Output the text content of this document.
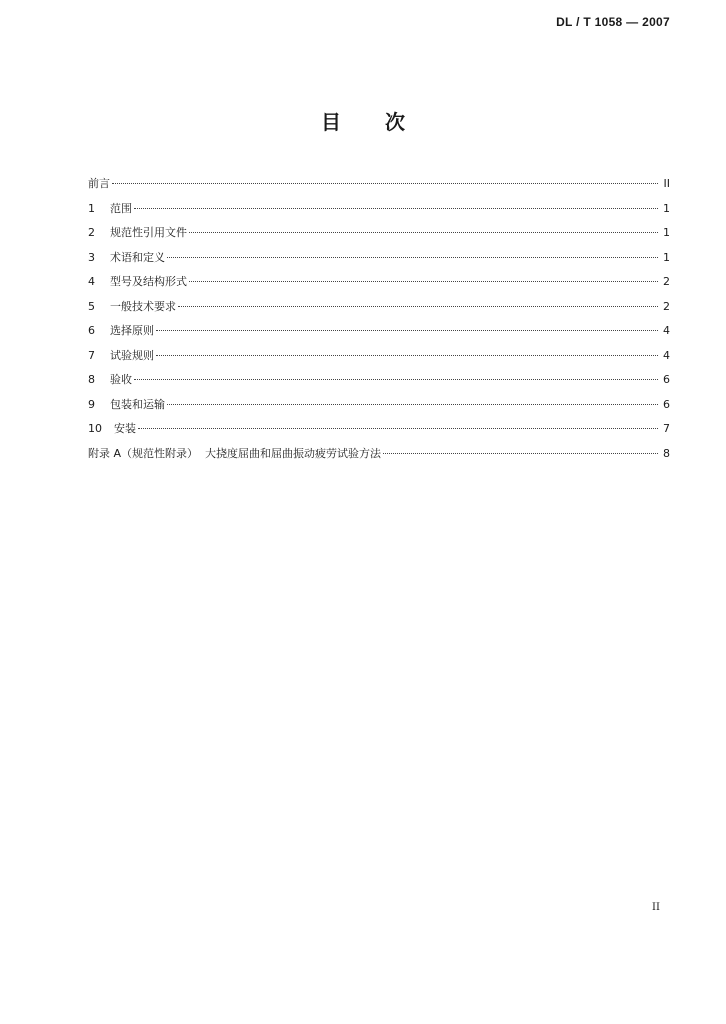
DL / T 1058 — 2007
目 次
前言	II
1	范围	1
2	规范性引用文件	1
3	术语和定义	1
4	型号及结构形式	2
5	一般技术要求	2
6	选择原则	4
7	试验规则	4
8	验收	6
9	包装和运输	6
10	安装	7
附录 A（规范性附录）  大挠度屈曲和屈曲振动疲劳试验方法	8
II
